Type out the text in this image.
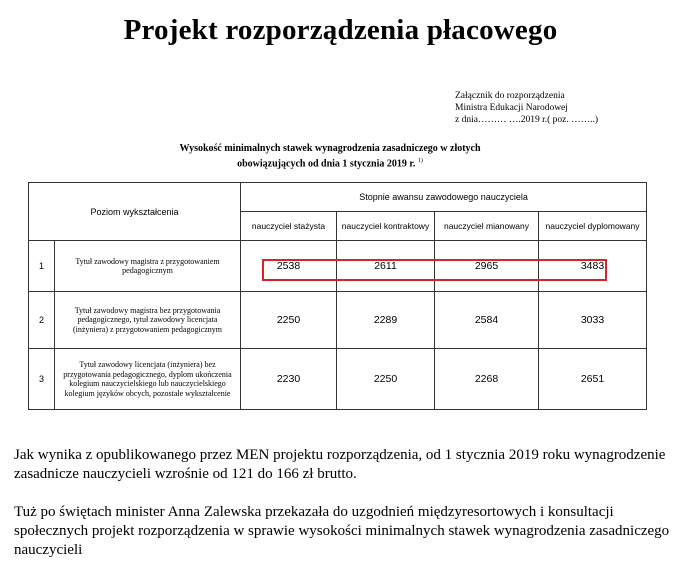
Projekt rozporządzenia płacowego
Załącznik do rozporządzenia
Ministra Edukacji Narodowej
z dnia……… ….2019 r.( poz. ……..)
Wysokość minimalnych stawek wynagrodzenia zasadniczego w złotych
obowiązujących od dnia 1 stycznia 2019 r. $^{1)}$
Poziom wykształcenia		Stopnie awansu zawodowego nauczyciela			
		nauczyciel stażysta	nauczyciel kontraktowy	nauczyciel mianowany	nauczyciel dyplomowany
1	Tytuł zawodowy magistra z przygotowaniem pedagogicznym	2538	2611	2965	3483
2	Tytuł zawodowy magistra bez przygotowania pedagogicznego, tytuł zawodowy licencjata (inżyniera) z przygotowaniem pedagogicznym	2250	2289	2584	3033
3	Tytuł zawodowy licencjata (inżyniera) bez przygotowania pedagogicznego, dyplom ukończenia kolegium nauczycielskiego lub nauczycielskiego kolegium języków obcych, pozostałe wykształcenie	2230	2250	2268	2651
Jak wynika z opublikowanego przez MEN projektu rozporządzenia, od 1 stycznia 2019 roku wynagrodzenie zasadnicze nauczycieli wzrośnie od 121 do 166 zł brutto.
Tuż po świętach minister Anna Zalewska przekazała do uzgodnień międzyresortowych i konsultacji społecznych projekt rozporządzenia w sprawie wysokości minimalnych stawek wynagrodzenia zasadniczego nauczycieli
